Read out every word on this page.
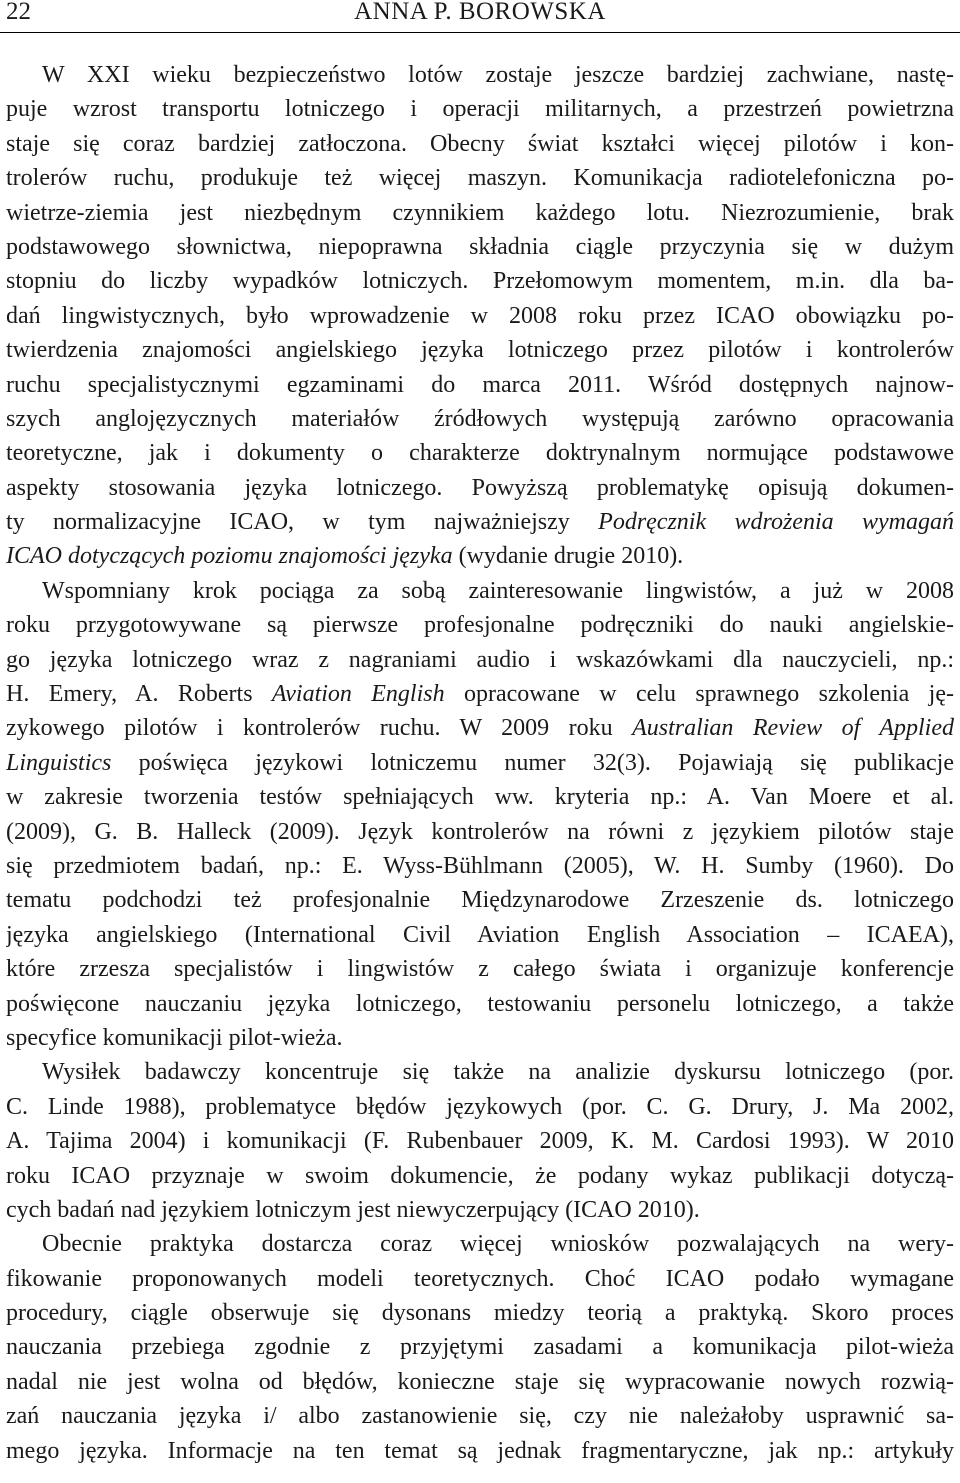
22	ANNA P. BOROWSKA
W XXI wieku bezpieczeństwo lotów zostaje jeszcze bardziej zachwiane, nastę-
puje wzrost transportu lotniczego i operacji militarnych, a przestrzeń powietrzna
staje się coraz bardziej zatłoczona. Obecny świat kształci więcej pilotów i kon-
trolerów ruchu, produkuje też więcej maszyn. Komunikacja radiotelefoniczna po-
wietrze-ziemia jest niezbędnym czynnikiem każdego lotu. Niezrozumienie, brak
podstawowego słownictwa, niepoprawna składnia ciągle przyczynia się w dużym
stopniu do liczby wypadków lotniczych. Przełomowym momentem, m.in. dla ba-
dań lingwistycznych, było wprowadzenie w 2008 roku przez ICAO obowiązku po-
twierdzenia znajomości angielskiego języka lotniczego przez pilotów i kontrolerów
ruchu specjalistycznymi egzaminami do marca 2011. Wśród dostępnych najnow-
szych anglojęzycznych materiałów źródłowych występują zarówno opracowania
teoretyczne, jak i dokumenty o charakterze doktrynalnym normujące podstawowe
aspekty stosowania języka lotniczego. Powyższą problematykę opisują dokumen-
ty normalizacyjne ICAO, w tym najważniejszy Podręcznik wdrożenia wymagań
ICAO dotyczących poziomu znajomości języka (wydanie drugie 2010).
Wspomniany krok pociąga za sobą zainteresowanie lingwistów, a już w 2008
roku przygotowywane są pierwsze profesjonalne podręczniki do nauki angielskie-
go języka lotniczego wraz z nagraniami audio i wskazówkami dla nauczycieli, np.:
H. Emery, A. Roberts Aviation English opracowane w celu sprawnego szkolenia ję-
zykowego pilotów i kontrolerów ruchu. W 2009 roku Australian Review of Applied
Linguistics poświęca językowi lotniczemu numer 32(3). Pojawiają się publikacje
w zakresie tworzenia testów spełniających ww. kryteria np.: A. Van Moere et al.
(2009), G. B. Halleck (2009). Język kontrolerów na równi z językiem pilotów staje
się przedmiotem badań, np.: E. Wyss-Bühlmann (2005), W. H. Sumby (1960). Do
tematu podchodzi też profesjonalnie Międzynarodowe Zrzeszenie ds. lotniczego
języka angielskiego (International Civil Aviation English Association – ICAEA),
które zrzesza specjalistów i lingwistów z całego świata i organizuje konferencje
poświęcone nauczaniu języka lotniczego, testowaniu personelu lotniczego, a także
specyfice komunikacji pilot-wieża.
Wysiłek badawczy koncentruje się także na analizie dyskursu lotniczego (por.
C. Linde 1988), problematyce błędów językowych (por. C. G. Drury, J. Ma 2002,
A. Tajima 2004) i komunikacji (F. Rubenbauer 2009, K. M. Cardosi 1993). W 2010
roku ICAO przyznaje w swoim dokumencie, że podany wykaz publikacji dotyczą-
cych badań nad językiem lotniczym jest niewyczerpujący (ICAO 2010).
Obecnie praktyka dostarcza coraz więcej wniosków pozwalających na wery-
fikowanie proponowanych modeli teoretycznych. Choć ICAO podało wymagane
procedury, ciągle obserwuje się dysonans miedzy teorią a praktyką. Skoro proces
nauczania przebiega zgodnie z przyjętymi zasadami a komunikacja pilot-wieża
nadal nie jest wolna od błędów, konieczne staje się wypracowanie nowych rozwią-
zań nauczania języka i/ albo zastanowienie się, czy nie należałoby usprawnić sa-
mego języka. Informacje na ten temat są jednak fragmentaryczne, jak np.: artykuły
